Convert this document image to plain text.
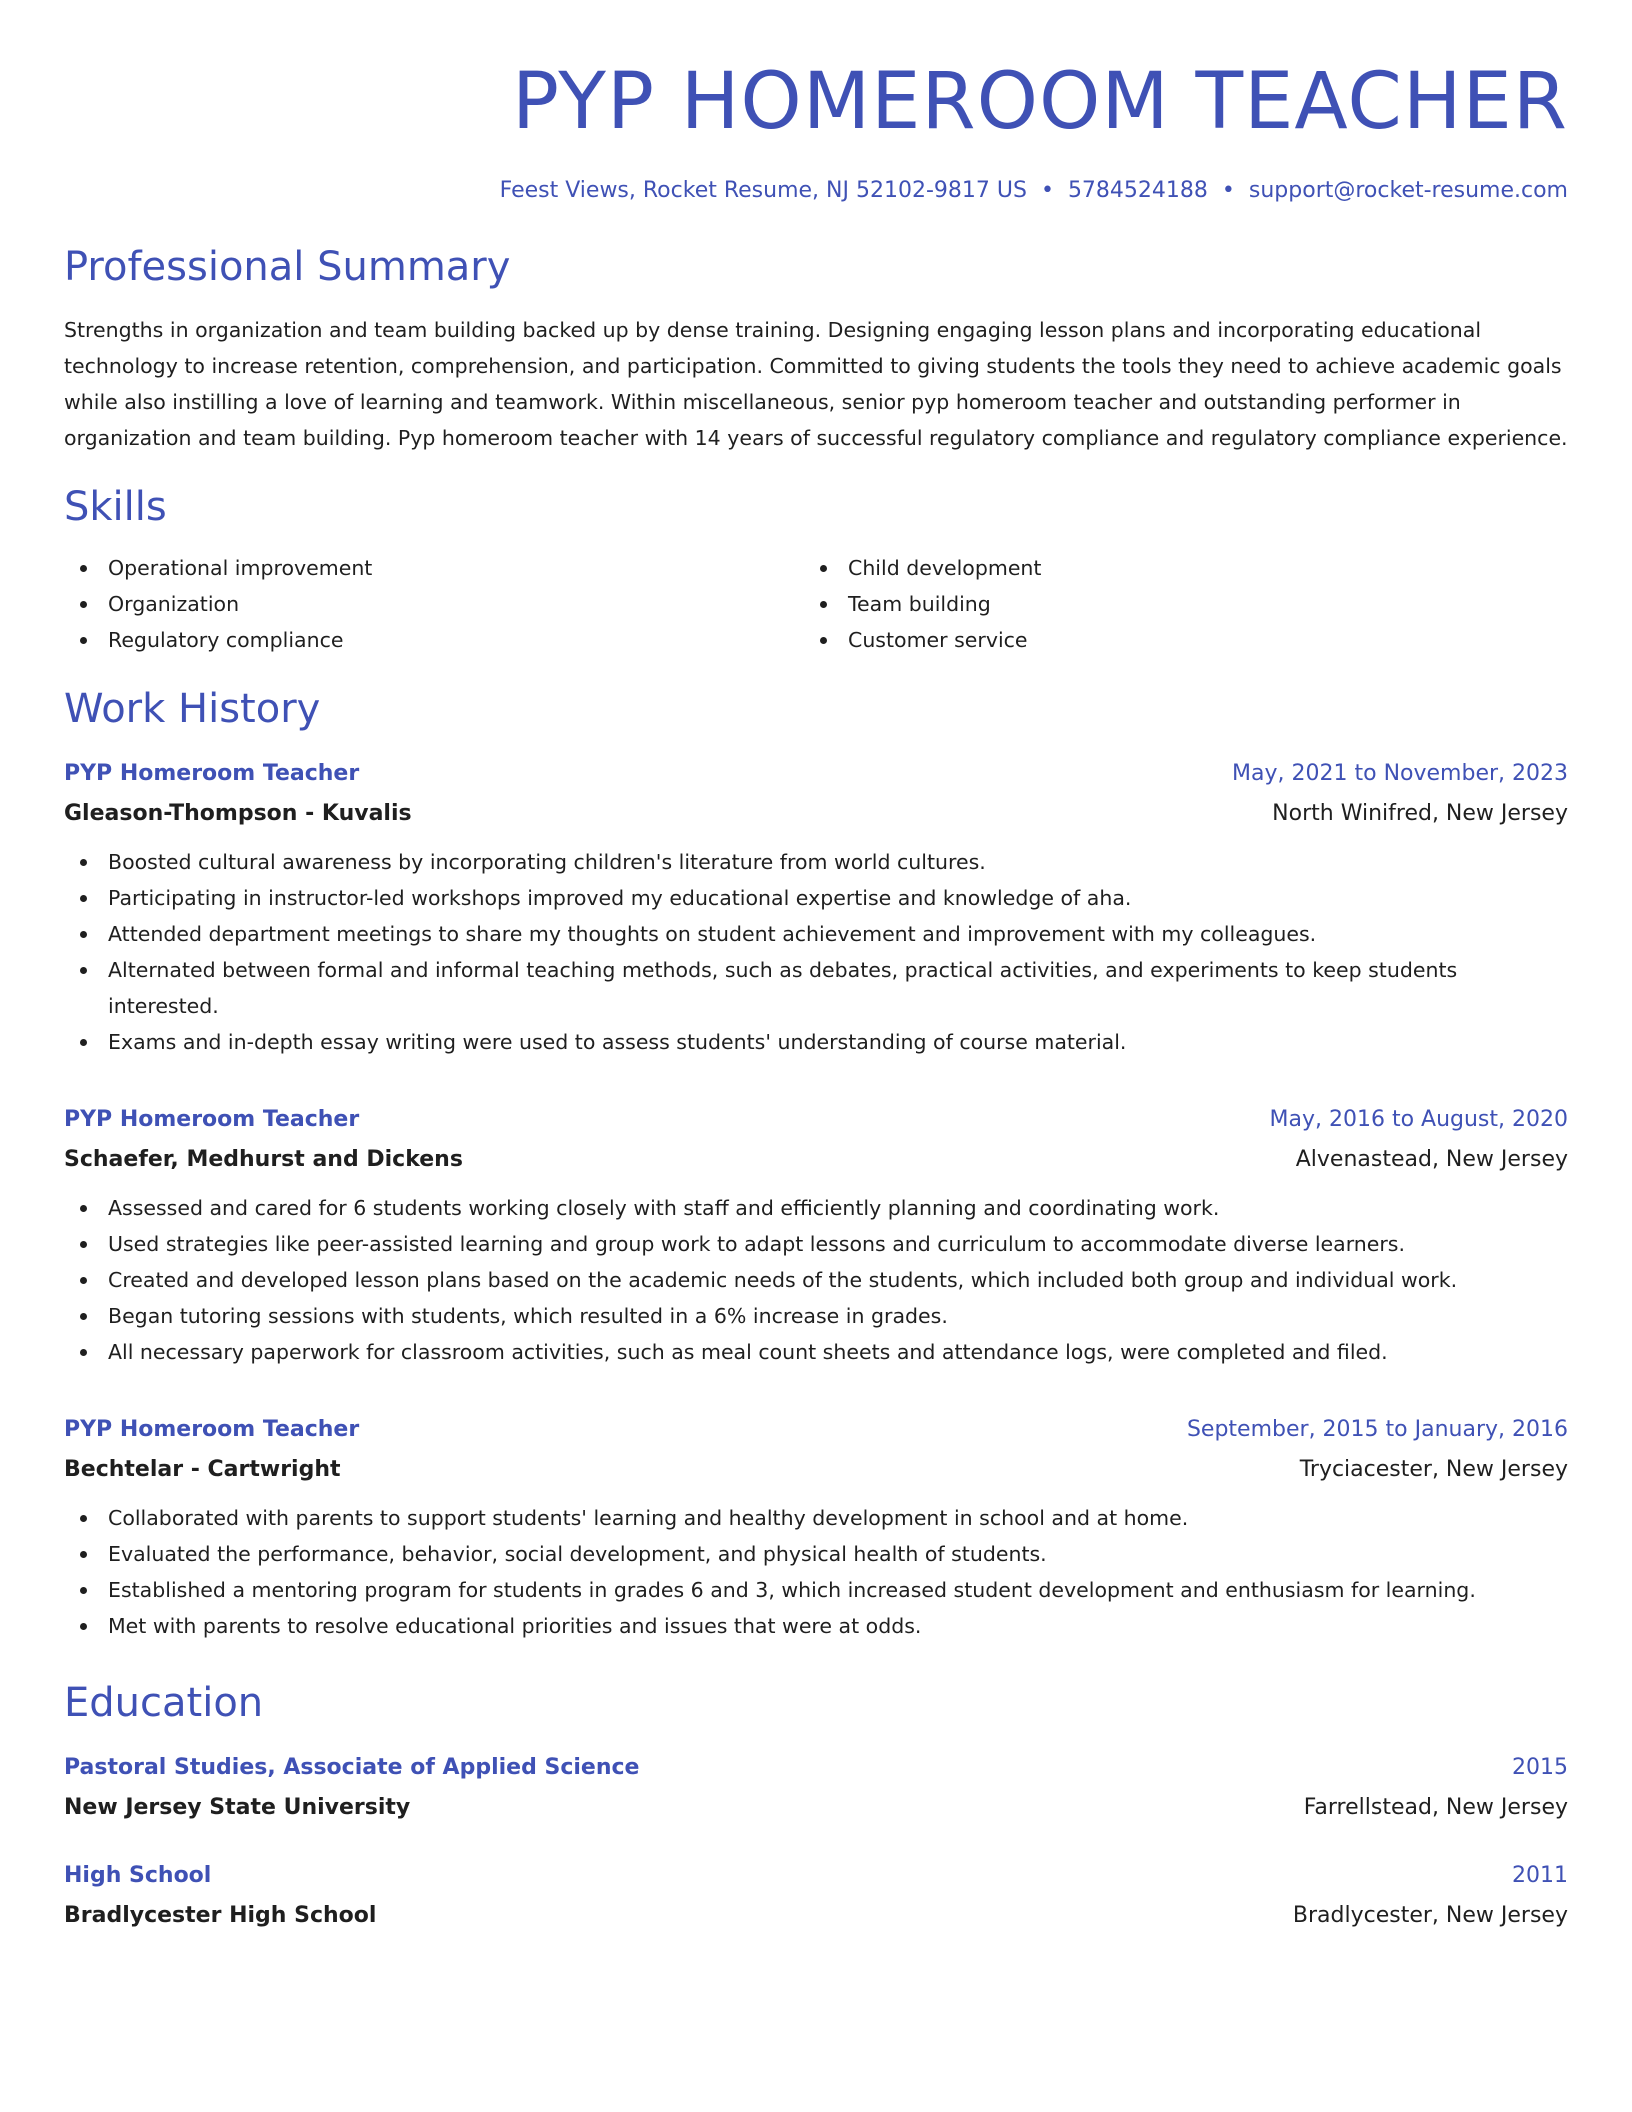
PYP HOMEROOM TEACHER
Feest Views, Rocket Resume, NJ 52102-9817 US • 5784524188 • support@rocket-resume.com
Professional Summary
Strengths in organization and team building backed up by dense training. Designing engaging lesson plans and incorporating educational technology to increase retention, comprehension, and participation. Committed to giving students the tools they need to achieve academic goals while also instilling a love of learning and teamwork. Within miscellaneous, senior pyp homeroom teacher and outstanding performer in organization and team building. Pyp homeroom teacher with 14 years of successful regulatory compliance and regulatory compliance experience.
Skills
Operational improvement
Organization
Regulatory compliance
Child development
Team building
Customer service
Work History
PYP Homeroom Teacher	May, 2021 to November, 2023
Gleason-Thompson - Kuvalis	North Winifred, New Jersey
Boosted cultural awareness by incorporating children's literature from world cultures.
Participating in instructor-led workshops improved my educational expertise and knowledge of aha.
Attended department meetings to share my thoughts on student achievement and improvement with my colleagues.
Alternated between formal and informal teaching methods, such as debates, practical activities, and experiments to keep students interested.
Exams and in-depth essay writing were used to assess students' understanding of course material.
PYP Homeroom Teacher	May, 2016 to August, 2020
Schaefer, Medhurst and Dickens	Alvenastead, New Jersey
Assessed and cared for 6 students working closely with staff and efficiently planning and coordinating work.
Used strategies like peer-assisted learning and group work to adapt lessons and curriculum to accommodate diverse learners.
Created and developed lesson plans based on the academic needs of the students, which included both group and individual work.
Began tutoring sessions with students, which resulted in a 6% increase in grades.
All necessary paperwork for classroom activities, such as meal count sheets and attendance logs, were completed and filed.
PYP Homeroom Teacher	September, 2015 to January, 2016
Bechtelar - Cartwright	Tryciacester, New Jersey
Collaborated with parents to support students' learning and healthy development in school and at home.
Evaluated the performance, behavior, social development, and physical health of students.
Established a mentoring program for students in grades 6 and 3, which increased student development and enthusiasm for learning.
Met with parents to resolve educational priorities and issues that were at odds.
Education
Pastoral Studies, Associate of Applied Science	2015
New Jersey State University	Farrellstead, New Jersey
High School	2011
Bradlycester High School	Bradlycester, New Jersey
